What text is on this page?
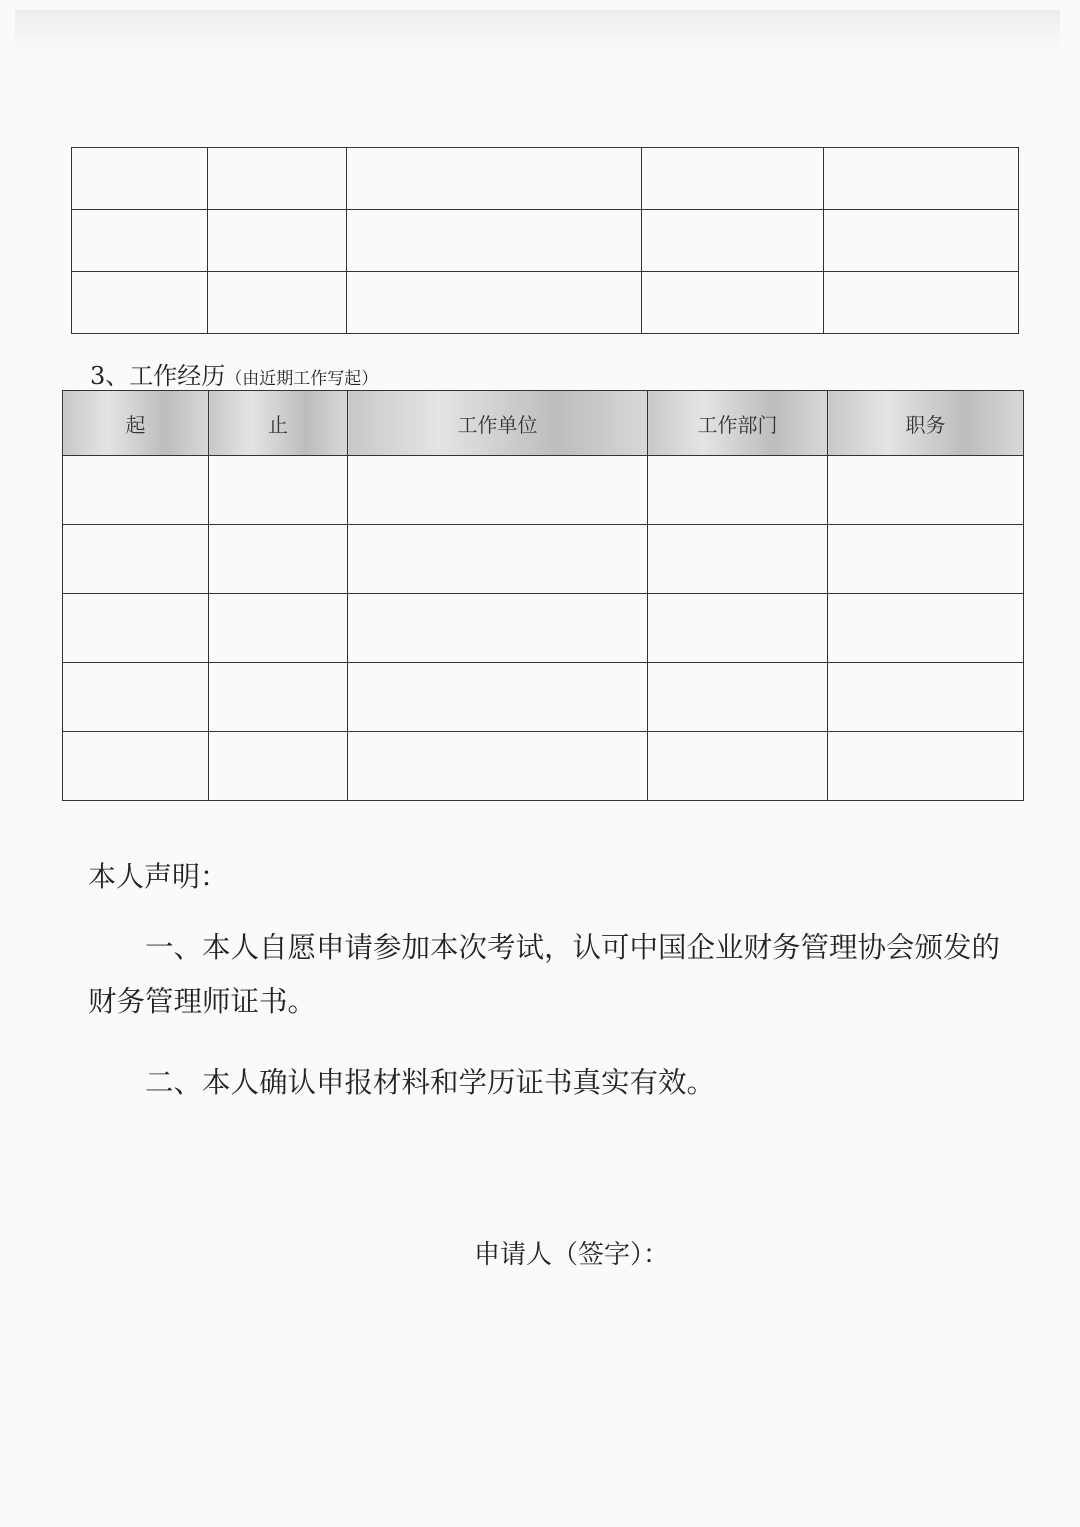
3、工作经历（由近期工作写起）
起	止	工作单位	工作部门	职务

本人声明：
一、本人自愿申请参加本次考试，认可中国企业财务管理协会颁发的财务管理师证书。
二、本人确认申报材料和学历证书真实有效。
申请人（签字）：
